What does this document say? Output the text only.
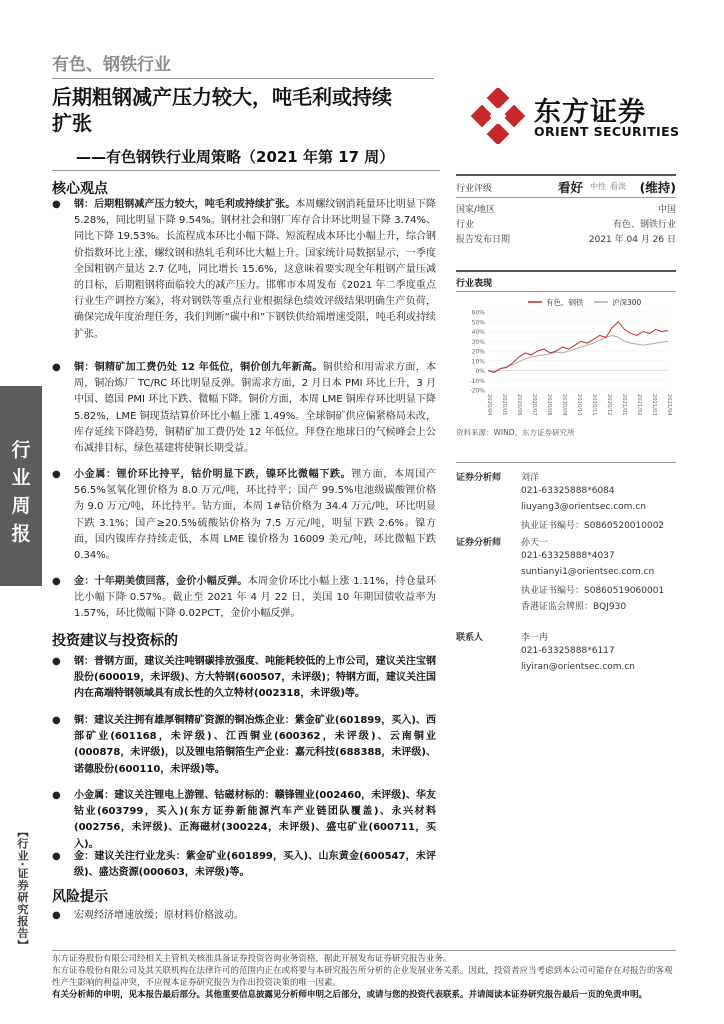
有色、钢铁行业
后期粗钢减产压力较大，吨毛利或持续
扩张
——有色钢铁行业周策略（2021 年第 17 周）
东方证券
ORIENT SECURITIES
行
业
周
报
【行业·证券研究报告】
核心观点
● 钢：后期粗钢减产压力较大，吨毛利或持续扩张。本周螺纹钢消耗量环比明显下降 5.28%，同比明显下降 9.54%。钢材社会和钢厂库存合计环比明显下降 3.74%、同比下降 19.53%。长流程成本环比小幅下降、短流程成本环比小幅上升，综合钢价指数环比上涨，螺纹钢和热轧毛利环比大幅上升。国家统计局数据显示，一季度全国粗钢产量达 2.7 亿吨，同比增长 15.6%，这意味着要实现全年粗钢产量压减的目标，后期粗钢将面临较大的减产压力。邯郸市本周发布《2021 年二季度重点行业生产调控方案》，将对钢铁等重点行业根据绿色绩效评级结果明确生产负荷，确保完成年度治理任务，我们判断“碳中和”下钢铁供给端增速受限，吨毛利或持续扩张。
● 铜：铜精矿加工费仍处 12 年低位，铜价创九年新高。铜供给和用需求方面，本周，铜冶炼厂 TC/RC 环比明显反弹。铜需求方面，2 月日本 PMI 环比上升，3 月中国、德国 PMI 环比下跌、微幅下降。铜价方面，本周 LME 铜库存环比明显下降 5.82%，LME 铜现货结算价环比小幅上涨 1.49%。全球铜矿供应偏紧格局未改，库存延续下降趋势，铜精矿加工费仍处 12 年低位。拜登在地球日的气候峰会上公布减排目标，绿色基建将使铜长期受益。
● 小金属：锂价环比持平，钴价明显下跌，镍环比微幅下跌。锂方面，本周国产 56.5%氢氧化锂价格为 8.0 万元/吨，环比持平；国产 99.5%电池级碳酸锂价格为 9.0 万元/吨，环比持平。钴方面，本周 1#钴价格为 34.4 万元/吨，环比明显下跌 3.1%；国产≥20.5%硫酸钴价格为 7.5 万元/吨，明显下跌 2.6%。镍方面，国内镍库存持续走低，本周 LME 镍价格为 16009 美元/吨，环比微幅下跌 0.34%。
● 金：十年期美债回落，金价小幅反弹。本周金价环比小幅上涨 1.11%，持仓量环比小幅下降 0.57%。截止至 2021 年 4 月 22 日，美国 10 年期国债收益率为 1.57%，环比微幅下降 0.02PCT，金价小幅反弹。
投资建议与投资标的
● 钢：普钢方面，建议关注吨钢碳排放强度、吨能耗较低的上市公司，建议关注宝钢股份(600019，未评级)、方大特钢(600507，未评级)；特钢方面，建议关注国内在高端特钢领域具有成长性的久立特材(002318，未评级)等。
● 铜：建议关注拥有雄厚铜精矿资源的铜冶炼企业：紫金矿业(601899，买入)、西部矿业(601168，未评级)、江西铜业(600362，未评级)、云南铜业(000878，未评级)，以及锂电箔铜箔生产企业：嘉元科技(688388，未评级)、诺德股份(600110，未评级)等。
● 小金属：建议关注锂电上游锂、钴磁材标的：赣锋锂业(002460，未评级)、华友钴业(603799，买入)(东方证券新能源汽车产业链团队覆盖)、永兴材料(002756，未评级)、正海磁材(300224，未评级)、盛屯矿业(600711，买入)。
● 金：建议关注行业龙头：紫金矿业(601899，买入)、山东黄金(600547，未评级)、盛达资源(000603，未评级)等。
风险提示
● 宏观经济增速放缓；原材料价格波动。
行业评级	看好 中性 看淡 (维持)
国家/地区	中国
行业	有色、钢铁行业
报告发布日期	2021 年 04 月 26 日
行业表现
有色、钢铁	沪深300
60%
50%
40%
30%
20%
10%
0%
-10%
-20%
2020/04 2020/05 2020/06 2020/07 2020/08 2020/09 2020/10 2020/11 2020/12 2021/01 2021/02 2021/03 2021/04
资料来源：WIND、东方证券研究所
证券分析师 刘洋
021-63325888*6084
liuyang3@orientsec.com.cn
执业证书编号：S0860520010002
证券分析师 孙天一
021-63325888*4037
suntianyi1@orientsec.com.cn
执业证书编号：S0860519060001
香港证监会牌照：BQJ930
联系人	李一冉
021-63325888*6117
liyiran@orientsec.com.cn
东方证券股份有限公司经相关主管机关核准具备证券投资咨询业务资格，据此开展发布证券研究报告业务。
东方证券股份有限公司及其关联机构在法律许可的范围内正在或将要与本研究报告所分析的企业发展业务关系。因此，投资者应当考虑到本公司可能存在对报告的客观性产生影响的利益冲突，不应视本证券研究报告为作出投资决策的唯一因素。
有关分析师的申明，见本报告最后部分。其他重要信息披露见分析师申明之后部分，或请与您的投资代表联系。并请阅读本证券研究报告最后一页的免责申明。
